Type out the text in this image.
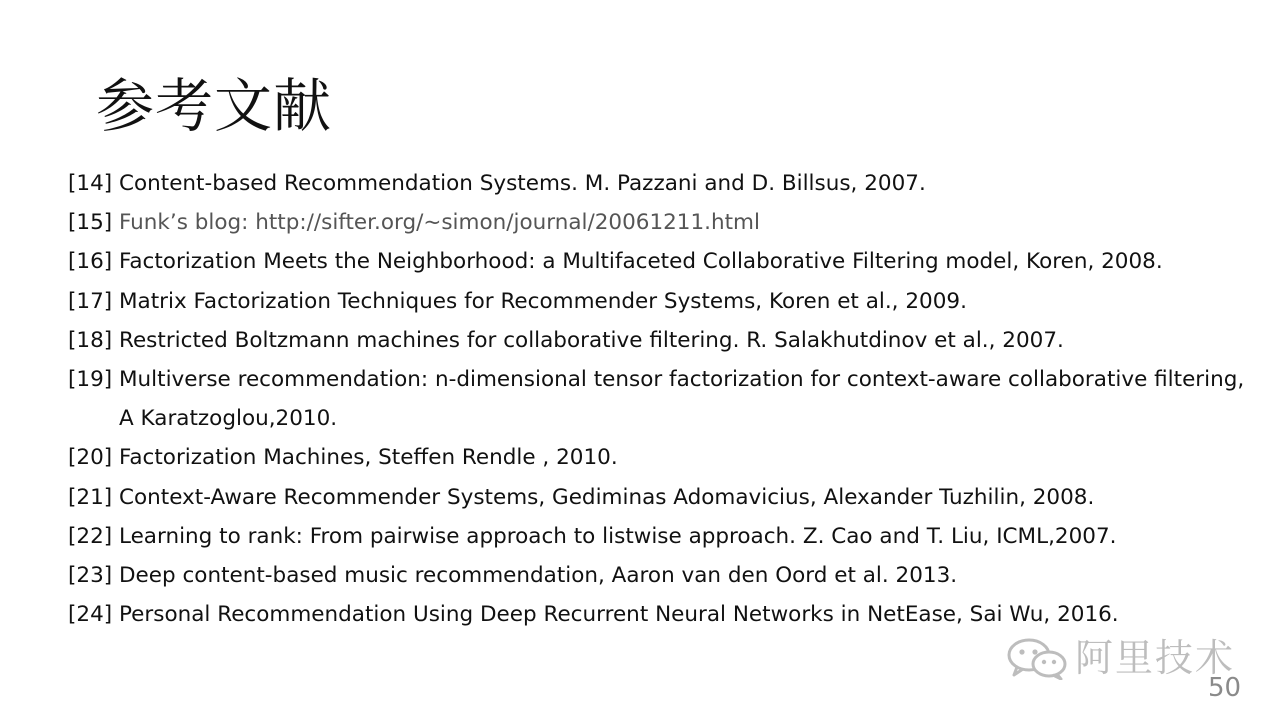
参考文献
[14] Content-based Recommendation Systems. M. Pazzani and D. Billsus, 2007.
[15] Funk’s blog: http://sifter.org/~simon/journal/20061211.html
[16] Factorization Meets the Neighborhood: a Multifaceted Collaborative Filtering model, Koren, 2008.
[17] Matrix Factorization Techniques for Recommender Systems, Koren et al., 2009.
[18] Restricted Boltzmann machines for collaborative filtering. R. Salakhutdinov et al., 2007.
[19] Multiverse recommendation: n-dimensional tensor factorization for context-aware collaborative filtering, A Karatzoglou,2010.
[20] Factorization Machines, Steffen Rendle , 2010.
[21] Context-Aware Recommender Systems, Gediminas Adomavicius, Alexander Tuzhilin, 2008.
[22] Learning to rank: From pairwise approach to listwise approach. Z. Cao and T. Liu, ICML,2007.
[23] Deep content-based music recommendation, Aaron van den Oord et al. 2013.
[24] Personal Recommendation Using Deep Recurrent Neural Networks in NetEase, Sai Wu, 2016.
阿里技术
50
